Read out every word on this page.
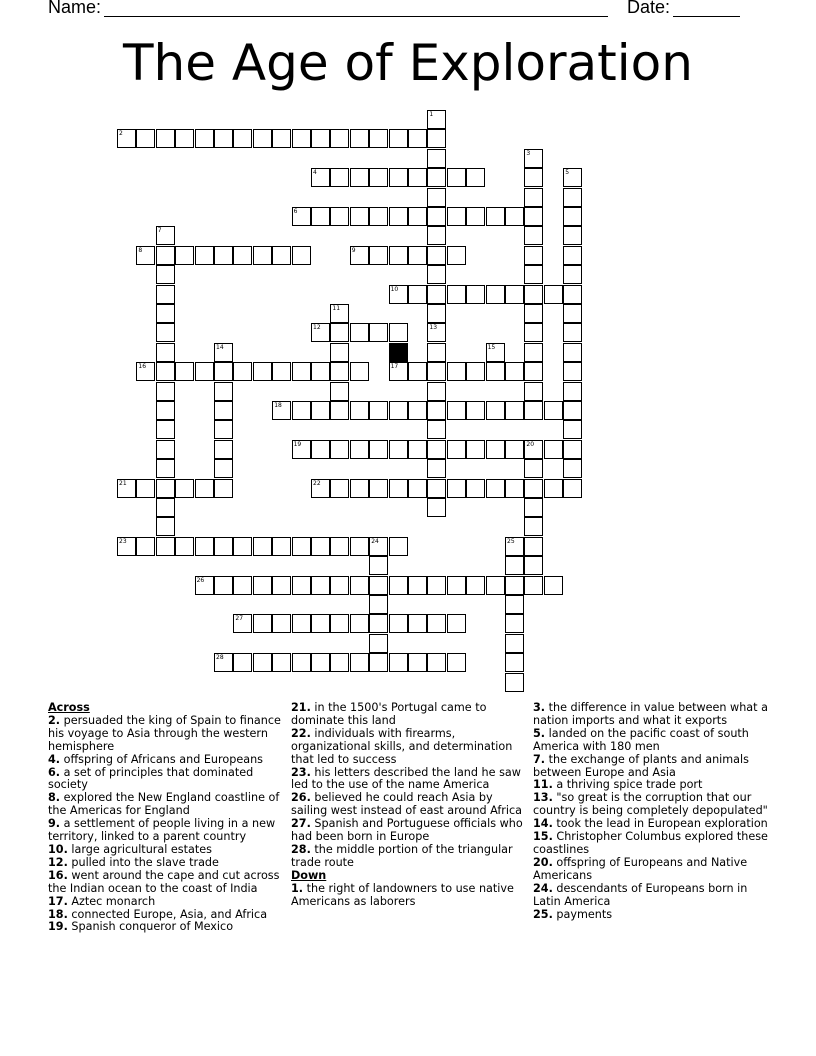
Name:	Date:
The Age of Exploration
2
4
6
8	9
10
12
16	17
18
19	20
21	22
23	24
26
27
28
1
13
3
5
7
11
14	15
25

Across

2. persuaded the king of Spain to finance his voyage to Asia through the western hemisphere

4. offspring of Africans and Europeans

6. a set of principles that dominated society

8. explored the New England coastline of the Americas for England

9. a settlement of people living in a new territory, linked to a parent country

10. large agricultural estates

12. pulled into the slave trade

16. went around the cape and cut across the Indian ocean to the coast of India

17. Aztec monarch

18. connected Europe, Asia, and Africa

19. Spanish conqueror of Mexico

21. in the 1500's Portugal came to dominate this land

22. individuals with firearms, organizational skills, and determination that led to success

23. his letters described the land he saw led to the use of the name America

26. believed he could reach Asia by sailing west instead of east around Africa

27. Spanish and Portuguese officials who had been born in Europe

28. the middle portion of the triangular trade route

Down

1. the right of landowners to use native Americans as laborers

3. the difference in value between what a nation imports and what it exports

5. landed on the pacific coast of south America with 180 men

7. the exchange of plants and animals between Europe and Asia

11. a thriving spice trade port

13. "so great is the corruption that our country is being completely depopulated"

14. took the lead in European exploration

15. Christopher Columbus explored these coastlines

20. offspring of Europeans and Native Americans

24. descendants of Europeans born in Latin America

25. payments
